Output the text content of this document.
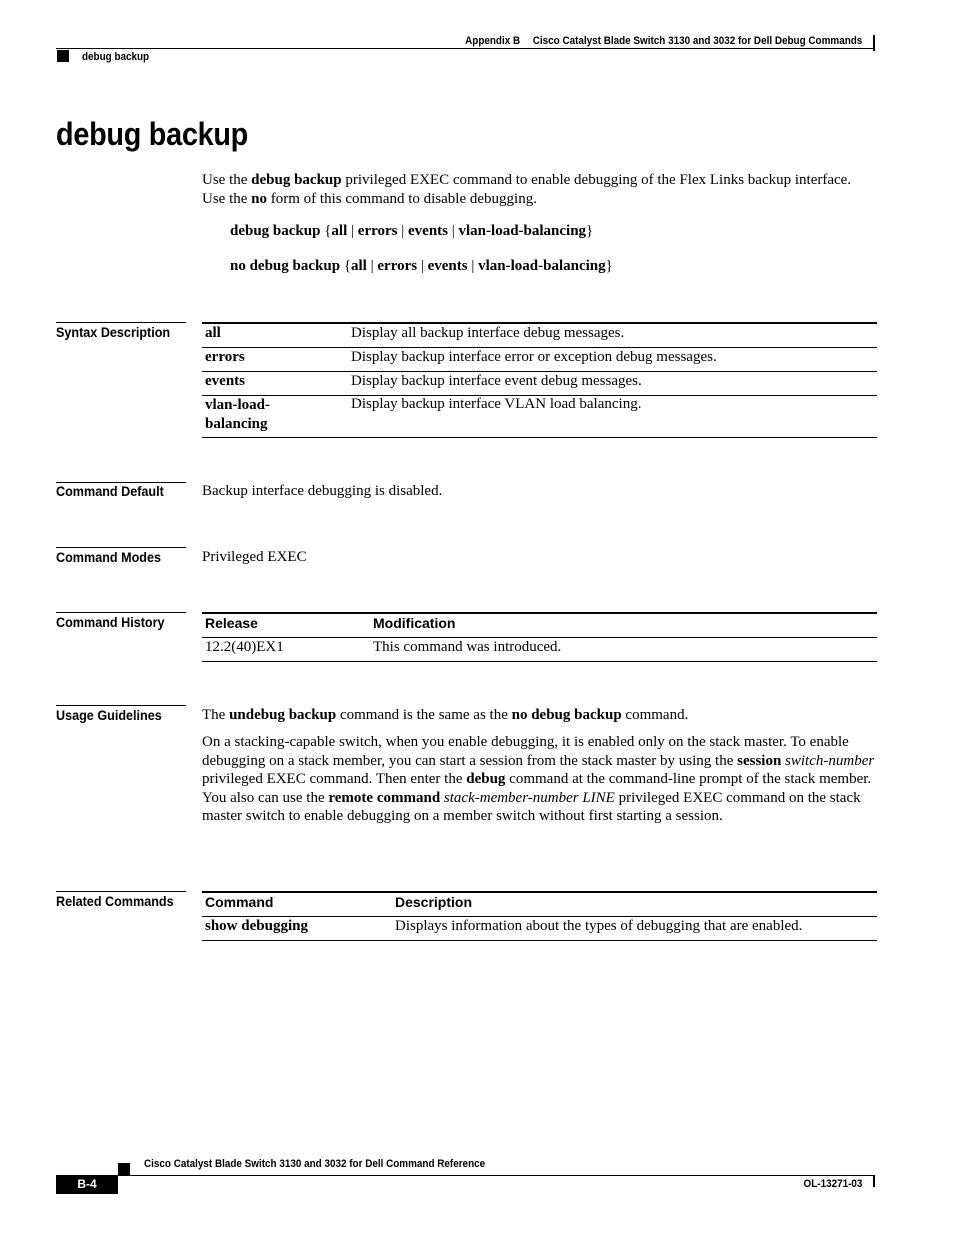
Appendix B Cisco Catalyst Blade Switch 3130 and 3032 for Dell Debug Commands
debug backup
debug backup

Use the debug backup privileged EXEC command to enable debugging of the Flex Links backup interface. Use the no form of this command to disable debugging.

debug backup {all | errors | events | vlan-load-balancing}
no debug backup {all | errors | events | vlan-load-balancing}
Syntax Description all	Display all backup interface debug messages.
errors	Display backup interface error or exception debug messages.
events	Display backup interface event debug messages.
vlan-load-
balancing	Display backup interface VLAN load balancing.
Command Default	Backup interface debugging is disabled.

Command Modes	Privileged EXEC

Command History	Release	Modification
12.2(40)EX1	This command was introduced.
Usage Guidelines	The undebug backup command is the same as the no debug backup command.

On a stacking-capable switch, when you enable debugging, it is enabled only on the stack master. To enable debugging on a stack member, you can start a session from the stack master by using the session switch-number privileged EXEC command. Then enter the debug command at the command-line prompt of the stack member. You also can use the remote command stack-member-number LINE privileged EXEC command on the stack master switch to enable debugging on a member switch without first starting a session.

Related Commands Command	Description
show debugging	Displays information about the types of debugging that are enabled.
Cisco Catalyst Blade Switch 3130 and 3032 for Dell Command Reference
B-4	OL-13271-03
